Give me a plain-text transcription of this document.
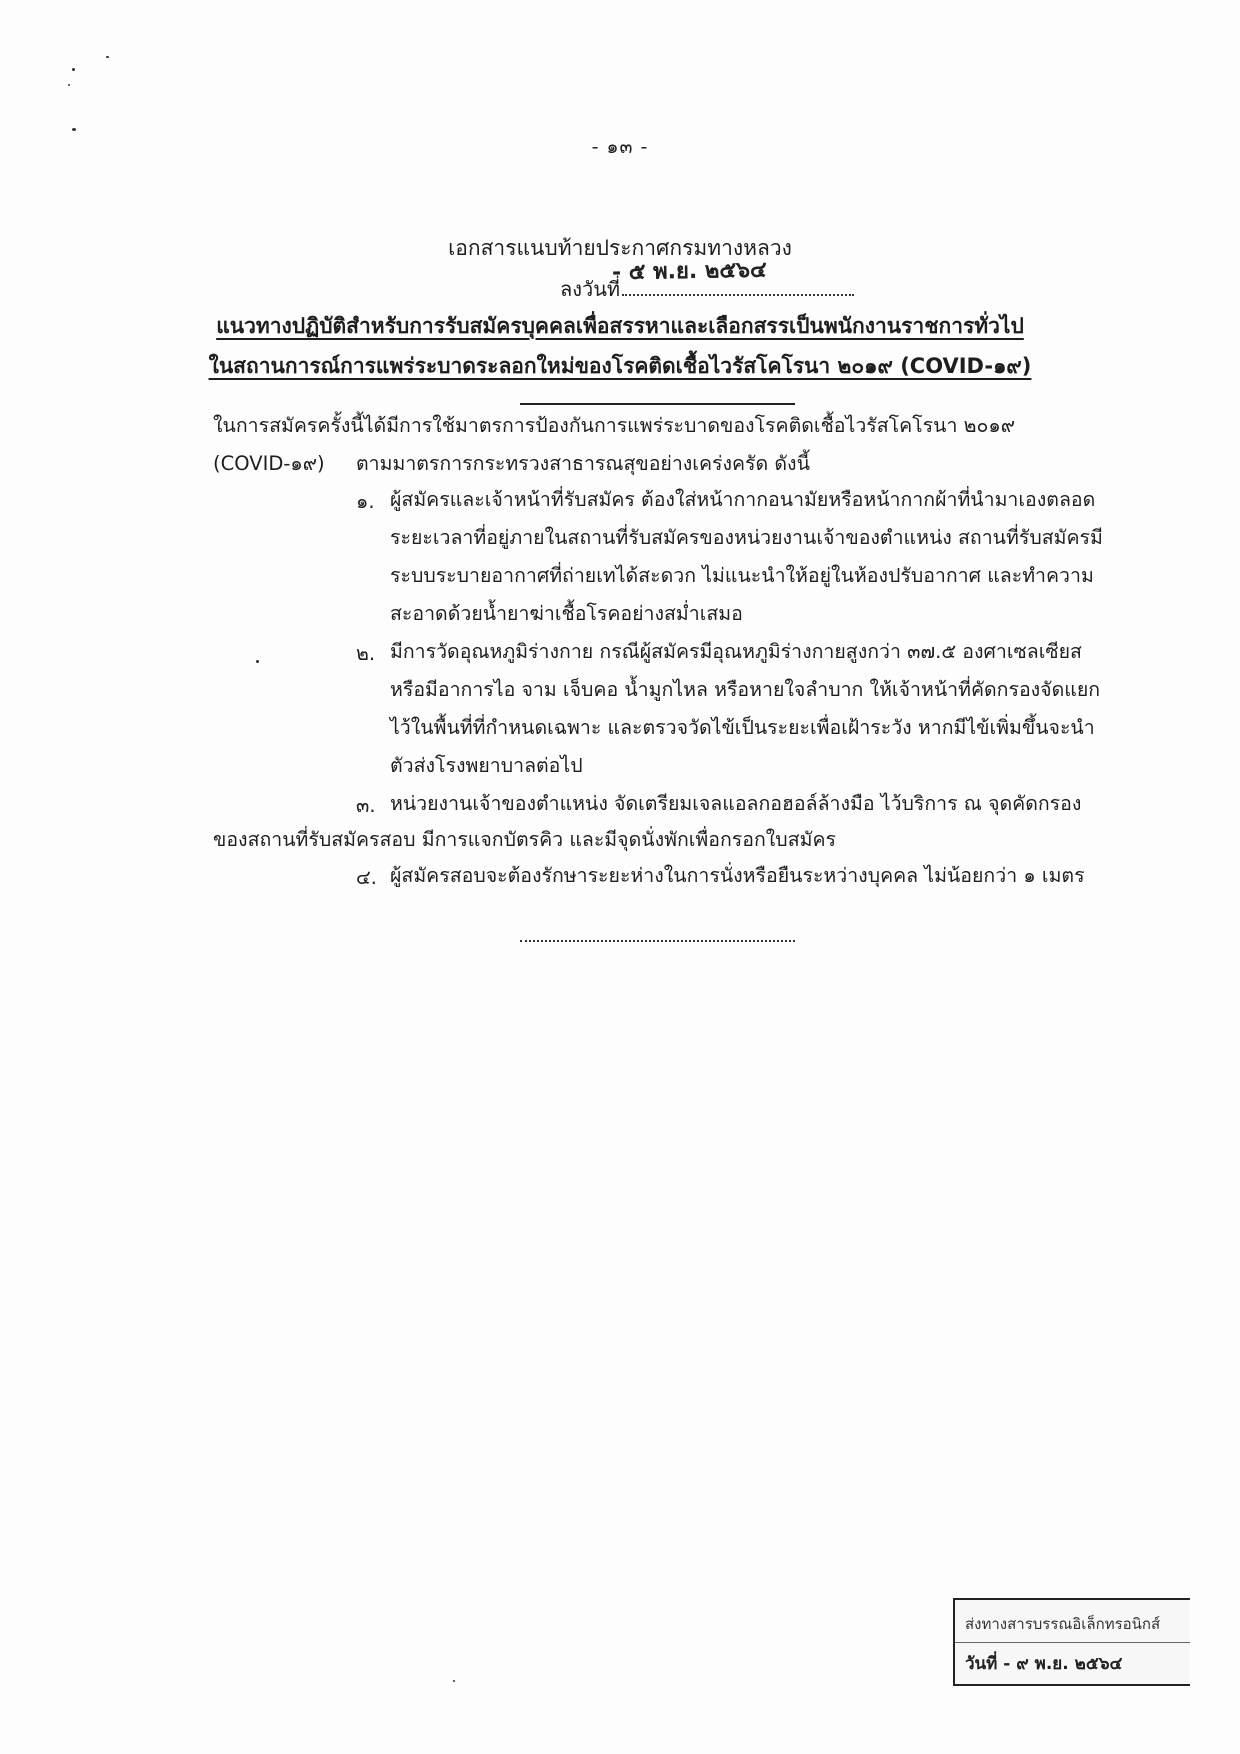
- ๑๓ -
เอกสารแนบท้ายประกาศกรมทางหลวง
- ๕ พ.ย. ๒๕๖๔
ลงวันที่
แนวทางปฏิบัติสำหรับการรับสมัครบุคคลเพื่อสรรหาและเลือกสรรเป็นพนักงานราชการทั่วไป
ในสถานการณ์การแพร่ระบาดระลอกใหม่ของโรคติดเชื้อไวรัสโคโรนา ๒๐๑๙ (COVID-๑๙)
ในการสมัครครั้งนี้ได้มีการใช้มาตรการป้องกันการแพร่ระบาดของโรคติดเชื้อไวรัสโคโรนา ๒๐๑๙
(COVID-๑๙) ตามมาตรการกระทรวงสาธารณสุขอย่างเคร่งครัด ดังนี้
๑. ผู้สมัครและเจ้าหน้าที่รับสมัคร ต้องใส่หน้ากากอนามัยหรือหน้ากากผ้าที่นำมาเองตลอด
ระยะเวลาที่อยู่ภายในสถานที่รับสมัครของหน่วยงานเจ้าของตำแหน่ง สถานที่รับสมัครมี
ระบบระบายอากาศที่ถ่ายเทได้สะดวก ไม่แนะนำให้อยู่ในห้องปรับอากาศ และทำความ
สะอาดด้วยน้ำยาฆ่าเชื้อโรคอย่างสม่ำเสมอ
๒. มีการวัดอุณหภูมิร่างกาย กรณีผู้สมัครมีอุณหภูมิร่างกายสูงกว่า ๓๗.๕ องศาเซลเซียส
หรือมีอาการไอ จาม เจ็บคอ น้ำมูกไหล หรือหายใจลำบาก ให้เจ้าหน้าที่คัดกรองจัดแยก
ไว้ในพื้นที่ที่กำหนดเฉพาะ และตรวจวัดไข้เป็นระยะเพื่อเฝ้าระวัง หากมีไข้เพิ่มขึ้นจะนำ
ตัวส่งโรงพยาบาลต่อไป
๓. หน่วยงานเจ้าของตำแหน่ง จัดเตรียมเจลแอลกอฮอล์ล้างมือ ไว้บริการ ณ จุดคัดกรอง
ของสถานที่รับสมัครสอบ มีการแจกบัตรคิว และมีจุดนั่งพักเพื่อกรอกใบสมัคร
๔. ผู้สมัครสอบจะต้องรักษาระยะห่างในการนั่งหรือยืนระหว่างบุคคล ไม่น้อยกว่า ๑ เมตร
ส่งทางสารบรรณอิเล็กทรอนิกส์
วันที่ - ๙ พ.ย. ๒๕๖๔
